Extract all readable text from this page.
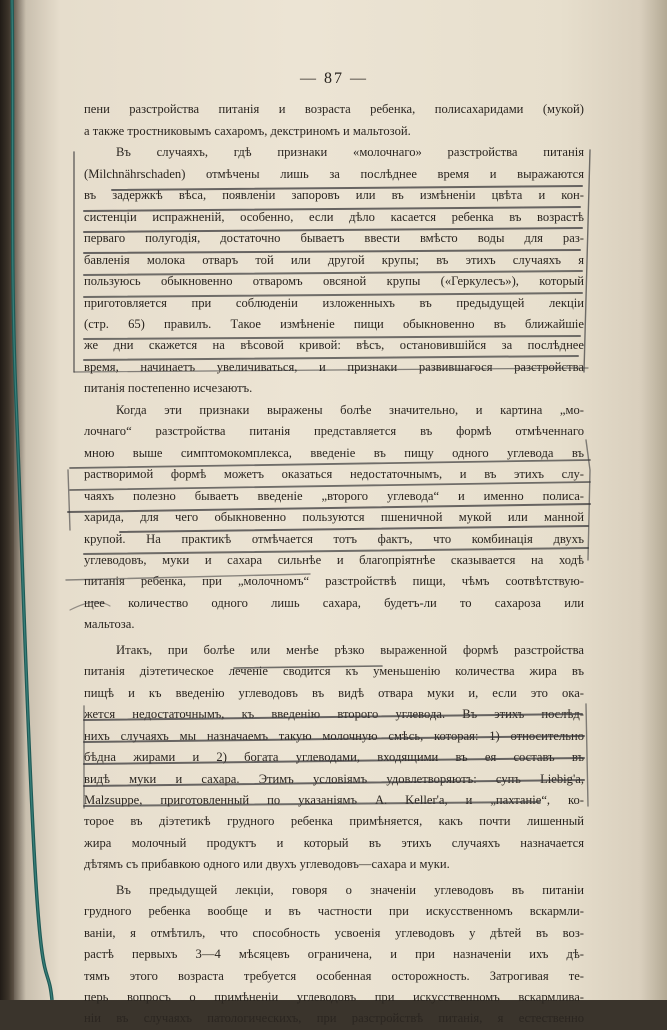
— 87 —
пени разстройства питанія и возраста ребенка, полисахаридами (мукой)
а также тростниковымъ сахаромъ, декстриномъ и мальтозой.
Въ случаяхъ, гдѣ признаки «молочнаго» разстройства питанія
(Milchnährschaden) отмѣчены лишь за послѣднее время и выражаются
въ задержкѣ вѣса, появленіи запоровъ или въ измѣненіи цвѣта и кон-
систенціи испражненій, особенно, если дѣло касается ребенка въ возрастѣ
перваго полугодія, достаточно бываетъ ввести вмѣсто воды для раз-
бавленія молока отваръ той или другой крупы; въ этихъ случаяхъ я
пользуюсь обыкновенно отваромъ овсяной крупы («Геркулесъ»), который
приготовляется при соблюденіи изложенныхъ въ предыдущей лекціи
(стр. 65) правилъ. Такое измѣненіе пищи обыкновенно въ ближайшіе
же дни скажется на вѣсовой кривой: вѣсъ, остановившійся за послѣднее
время, начинаетъ увеличиваться, и признаки развившагося разстройства
питанія постепенно исчезаютъ.
Когда эти признаки выражены болѣе значительно, и картина „мо-
лочнаго“ разстройства питанія представляется въ формѣ отмѣченнаго
мною выше симптомокомплекса, введеніе въ пищу одного углевода въ
растворимой формѣ можетъ оказаться недостаточнымъ, и въ этихъ слу-
чаяхъ полезно бываетъ введеніе „второго углевода“ и именно полиса-
харида, для чего обыкновенно пользуются пшеничной мукой или манной
крупой. На практикѣ отмѣчается тотъ фактъ, что комбинація двухъ
углеводовъ, муки и сахара сильнѣе и благопріятнѣе сказывается на ходѣ
питанія ребенка, при „молочномъ“ разстройствѣ пищи, чѣмъ соотвѣтствую-
щее количество одного лишь сахара, будетъ-ли то сахароза или
мальтоза.
Итакъ, при болѣе или менѣе рѣзко выраженной формѣ разстройства
питанія діэтетическое леченіе сводится къ уменьшенію количества жира въ
пищѣ и къ введенію углеводовъ въ видѣ отвара муки и, если это ока-
жется недостаточнымъ, къ введенію второго углевода. Въ этихъ послѣд-
нихъ случаяхъ мы назначаемъ такую молочную смѣсь, которая: 1) относительно
бѣдна жирами и 2) богата углеводами, входящими въ ея составъ въ
видѣ муки и сахара. Этимъ условіямъ удовлетворяютъ: супъ Liebig'а,
Malzsuppe, приготовленный по указаніямъ A. Keller'а, и „пахтаніе“, ко-
торое въ діэтетикѣ грудного ребенка примѣняется, какъ почти лишенный
жира молочный продуктъ и который въ этихъ случаяхъ назначается
дѣтямъ съ прибавкою одного или двухъ углеводовъ—сахара и муки.
Въ предыдущей лекціи, говоря о значеніи углеводовъ въ питаніи
грудного ребенка вообще и въ частности при искусственномъ вскармли-
ваніи, я отмѣтилъ, что способность усвоенія углеводовъ у дѣтей въ воз-
растѣ первыхъ 3—4 мѣсяцевъ ограничена, и при назначеніи ихъ дѣ-
тямъ этого возраста требуется особенная осторожность. Затрогивая те-
перь вопросъ о примѣненіи углеводовъ при искусственномъ вскармлива-
ніи въ случаяхъ патологическихъ, при разстройствѣ питанія, я естественно
